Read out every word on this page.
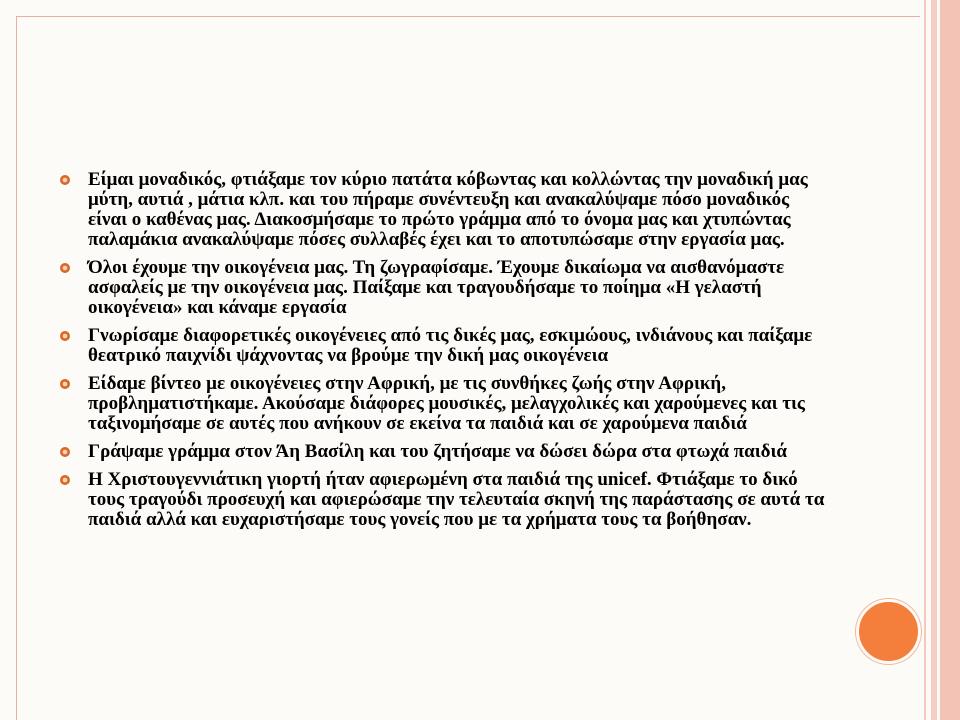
Είμαι μοναδικός, φτιάξαμε τον κύριο πατάτα κόβωντας και κολλώντας την μοναδική μας μύτη, αυτιά , μάτια κλπ. και του πήραμε συνέντευξη και ανακαλύψαμε πόσο μοναδικός είναι ο καθένας μας. Διακοσμήσαμε το πρώτο γράμμα από το όνομα μας και χτυπώντας παλαμάκια ανακαλύψαμε πόσες συλλαβές έχει και το αποτυπώσαμε στην εργασία μας.
Όλοι έχουμε την οικογένεια μας. Τη ζωγραφίσαμε. Έχουμε δικαίωμα να αισθανόμαστε ασφαλείς με την οικογένεια μας. Παίξαμε και τραγουδήσαμε το ποίημα «Η γελαστή οικογένεια» και κάναμε εργασία
Γνωρίσαμε διαφορετικές οικογένειες από τις δικές μας, εσκιμώους, ινδιάνους και παίξαμε θεατρικό παιχνίδι ψάχνοντας να βρούμε την δική μας οικογένεια
Είδαμε βίντεο με οικογένειες στην Αφρική, με τις συνθήκες ζωής στην Αφρική, προβληματιστήκαμε. Ακούσαμε διάφορες μουσικές, μελαγχολικές και χαρούμενες και τις ταξινομήσαμε σε αυτές που ανήκουν σε εκείνα τα παιδιά και σε χαρούμενα παιδιά
Γράψαμε γράμμα στον Άη Βασίλη και του ζητήσαμε να δώσει δώρα στα φτωχά παιδιά
Η Χριστουγεννιάτικη γιορτή ήταν αφιερωμένη στα παιδιά της unicef. Φτιάξαμε το δικό τους τραγούδι προσευχή και αφιερώσαμε την τελευταία σκηνή της παράστασης σε αυτά τα παιδιά αλλά και ευχαριστήσαμε τους γονείς που με τα χρήματα τους τα βοήθησαν.
